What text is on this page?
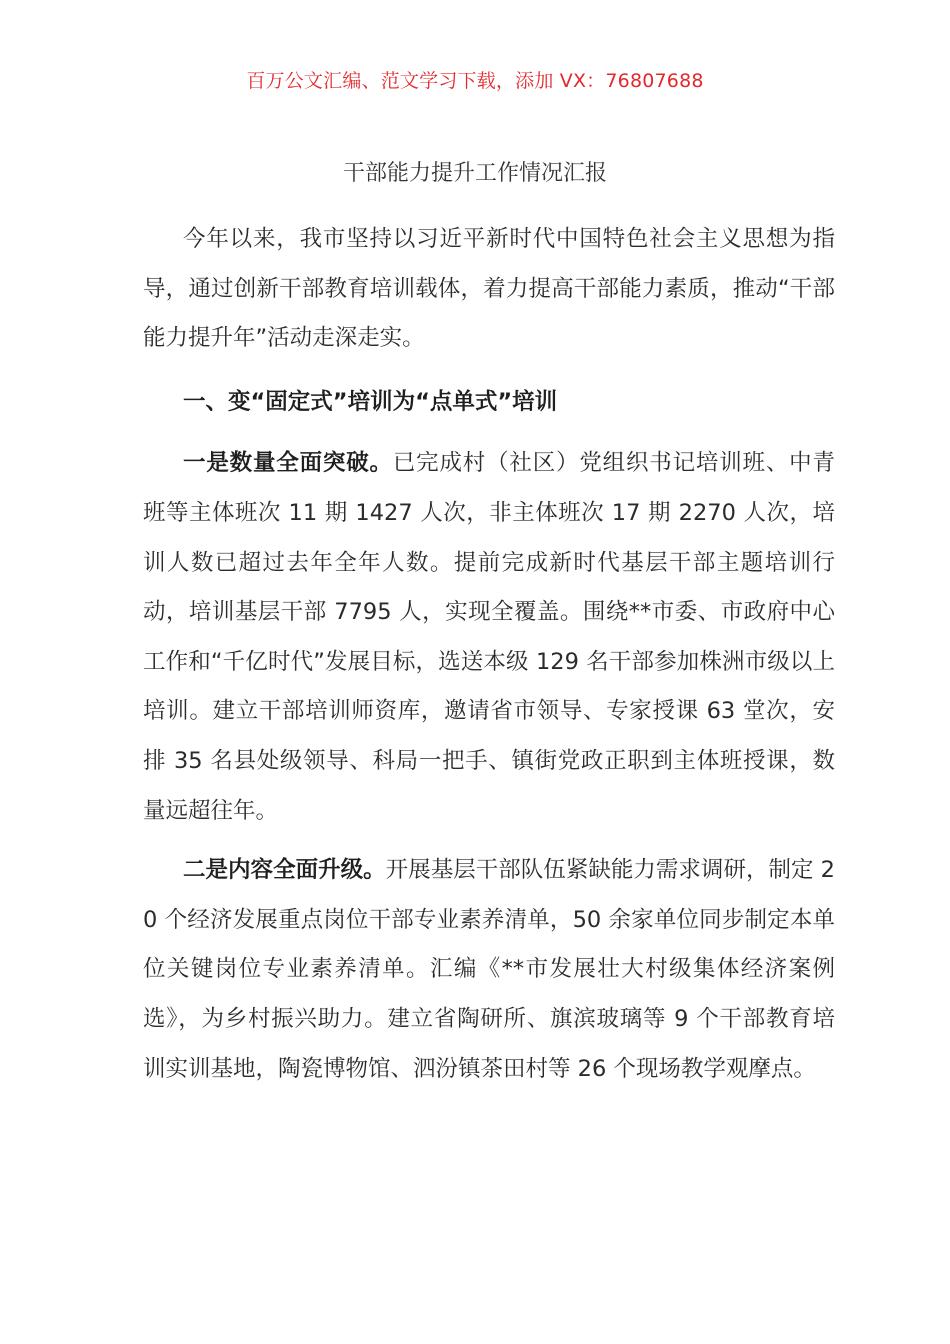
百万公文汇编、范文学习下载，添加 VX：76807688
干部能力提升工作情况汇报

今年以来，我市坚持以习近平新时代中国特色社会主义思想为指导，通过创新干部教育培训载体，着力提高干部能力素质，推动“干部能力提升年”活动走深走实。

一、变“固定式”培训为“点单式”培训

一是数量全面突破。已完成村（社区）党组织书记培训班、中青班等主体班次 11 期 1427 人次，非主体班次 17 期 2270 人次，培训人数已超过去年全年人数。提前完成新时代基层干部主题培训行动，培训基层干部 7795 人，实现全覆盖。围绕**市委、市政府中心工作和“千亿时代”发展目标，选送本级 129 名干部参加株洲市级以上培训。建立干部培训师资库，邀请省市领导、专家授课 63 堂次，安排 35 名县处级领导、科局一把手、镇街党政正职到主体班授课，数量远超往年。

二是内容全面升级。开展基层干部队伍紧缺能力需求调研，制定 20 个经济发展重点岗位干部专业素养清单，50 余家单位同步制定本单位关键岗位专业素养清单。汇编《**市发展壮大村级集体经济案例选》，为乡村振兴助力。建立省陶研所、旗滨玻璃等 9 个干部教育培训实训基地，陶瓷博物馆、泗汾镇茶田村等 26 个现场教学观摩点。
